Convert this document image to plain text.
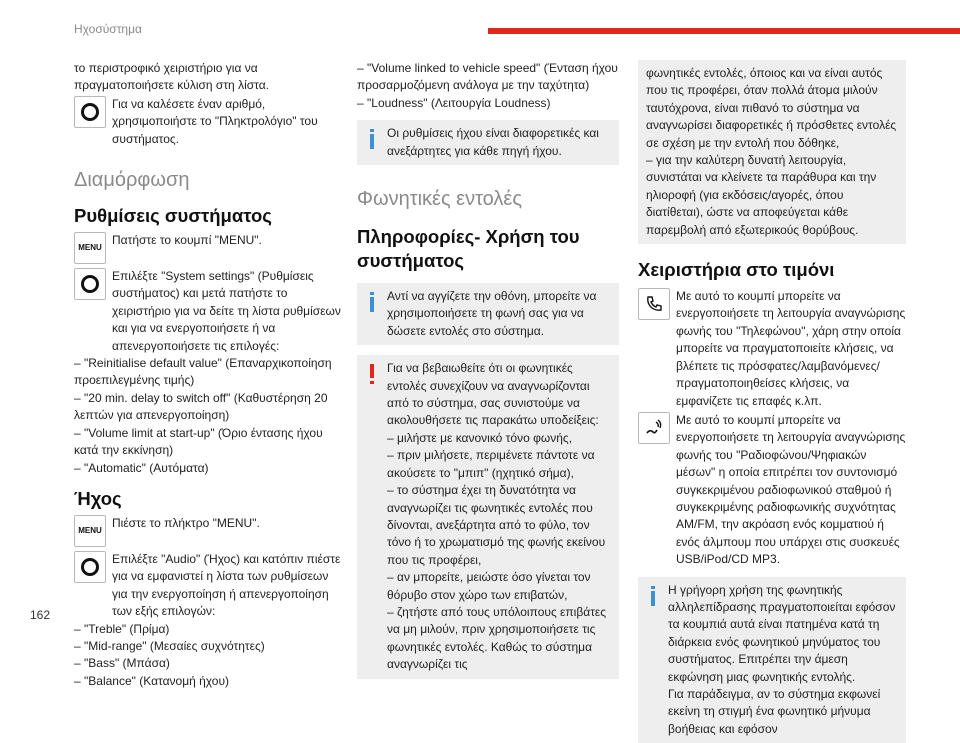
Ηχοσύστημα
162

το περιστροφικό χειριστήριο για να πραγματοποιήσετε κύλιση στη λίστα.

Για να καλέσετε έναν αριθμό, χρησιμοποιήστε το "Πληκτρολόγιο" του συστήματος.

Διαμόρφωση
Ρυθμίσεις συστήματος
MENU

Πατήστε το κουμπί "MENU".

Επιλέξτε "System settings" (Ρυθμίσεις συστήματος) και μετά πατήστε το χειριστήριο για να δείτε τη λίστα ρυθμίσεων και για να ενεργοποιήσετε ή να απενεργοποιήσετε τις επιλογές:

– "Reinitialise default value" (Επαναρχικοποίηση προεπιλεγμένης τιμής)
– "20 min. delay to switch off" (Καθυστέρηση 20 λεπτών για απενεργοποίηση)
– "Volume limit at start-up" (Όριο έντασης ήχου κατά την εκκίνηση)
– "Automatic" (Αυτόματα)
Ήχος
MENU

Πιέστε το πλήκτρο "MENU".

Επιλέξτε "Audio" (Ήχος) και κατόπιν πιέστε για να εμφανιστεί η λίστα των ρυθμίσεων για την ενεργοποίηση ή απενεργοποίηση των εξής επιλογών:

– "Treble" (Πρίμα)
– "Mid-range" (Μεσαίες συχνότητες)
– "Bass" (Μπάσα)
– "Balance" (Κατανομή ήχου)
– "Volume linked to vehicle speed" (Ένταση ήχου προσαρμοζόμενη ανάλογα με την ταχύτητα)
– "Loudness" (Λειτουργία Loudness)

Οι ρυθμίσεις ήχου είναι διαφορετικές και ανεξάρτητες για κάθε πηγή ήχου.

Φωνητικές εντολές
Πληροφορίες- Χρήση του συστήματος

Αντί να αγγίζετε την οθόνη, μπορείτε να χρησιμοποιήσετε τη φωνή σας για να δώσετε εντολές στο σύστημα.

Για να βεβαιωθείτε ότι οι φωνητικές εντολές συνεχίζουν να αναγνωρίζονται από το σύστημα, σας συνιστούμε να ακολουθήσετε τις παρακάτω υποδείξεις:

– μιλήστε με κανονικό τόνο φωνής,
– πριν μιλήσετε, περιμένετε πάντοτε να ακούσετε το "μπιπ" (ηχητικό σήμα),
– το σύστημα έχει τη δυνατότητα να αναγνωρίζει τις φωνητικές εντολές που δίνονται, ανεξάρτητα από το φύλο, τον τόνο ή το χρωματισμό της φωνής εκείνου που τις προφέρει,
– αν μπορείτε, μειώστε όσο γίνεται τον θόρυβο στον χώρο των επιβατών,
– ζητήστε από τους υπόλοιπους επιβάτες να μη μιλούν, πριν χρησιμοποιήσετε τις φωνητικές εντολές. Καθώς το σύστημα αναγνωρίζει τις

φωνητικές εντολές, όποιος και να είναι αυτός που τις προφέρει, όταν πολλά άτομα μιλούν ταυτόχρονα, είναι πιθανό το σύστημα να αναγνωρίσει διαφορετικές ή πρόσθετες εντολές σε σχέση με την εντολή που δόθηκε,

– για την καλύτερη δυνατή λειτουργία, συνιστάται να κλείνετε τα παράθυρα και την ηλιοροφή (για εκδόσεις/αγορές, όπου διατίθεται), ώστε να αποφεύγεται κάθε παρεμβολή από εξωτερικούς θορύβους.

Χειριστήρια στο τιμόνι

Με αυτό το κουμπί μπορείτε να ενεργοποιήσετε τη λειτουργία αναγνώρισης φωνής του "Τηλεφώνου", χάρη στην οποία μπορείτε να πραγματοποιείτε κλήσεις, να βλέπετε τις πρόσφατες/λαμβανόμενες/πραγματοποιηθείσες κλήσεις, να εμφανίζετε τις επαφές κ.λπ.

Με αυτό το κουμπί μπορείτε να ενεργοποιήσετε τη λειτουργία αναγνώρισης φωνής του "Ραδιοφώνου/Ψηφιακών μέσων" η οποία επιτρέπει τον συντονισμό συγκεκριμένου ραδιοφωνικού σταθμού ή συγκεκριμένης ραδιοφωνικής συχνότητας AM/FM, την ακρόαση ενός κομματιού ή ενός άλμπουμ που υπάρχει στις συσκευές USB/iPod/CD MP3.

Η γρήγορη χρήση της φωνητικής αλληλεπίδρασης πραγματοποιείται εφόσον τα κουμπιά αυτά είναι πατημένα κατά τη διάρκεια ενός φωνητικού μηνύματος του συστήματος. Επιτρέπει την άμεση εκφώνηση μιας φωνητικής εντολής.

Για παράδειγμα, αν το σύστημα εκφωνεί εκείνη τη στιγμή ένα φωνητικό μήνυμα βοήθειας και εφόσον
